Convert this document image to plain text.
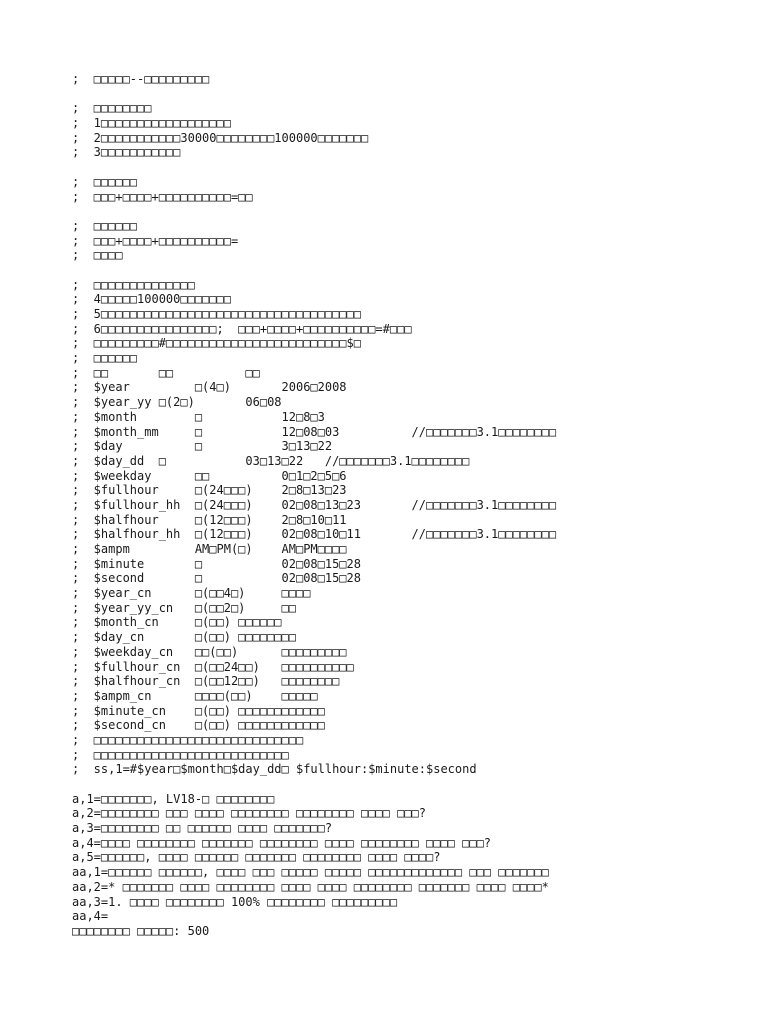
;  □□□□□--□□□□□□□□□
;  □□□□□□□□
;  1□□□□□□□□□□□□□□□□□□
;  2□□□□□□□□□□□30000□□□□□□□□100000□□□□□□□
;  3□□□□□□□□□□□
;  □□□□□□
;  □□□+□□□□+□□□□□□□□□□=□□
;  □□□□□□
;  □□□+□□□□+□□□□□□□□□□=
;  □□□□
;  □□□□□□□□□□□□□□
;  4□□□□□100000□□□□□□□
;  5□□□□□□□□□□□□□□□□□□□□□□□□□□□□□□□□□□□□
;  6□□□□□□□□□□□□□□□□;  □□□+□□□□+□□□□□□□□□□=#□□□
;  □□□□□□□□□#□□□□□□□□□□□□□□□□□□□□□□□□□$□
;  □□□□□□
;  □□       □□          □□
;  $year         □(4□)       2006□2008
;  $year_yy □(2□)       06□08
;  $month        □           12□8□3
;  $month_mm     □           12□08□03          //□□□□□□□3.1□□□□□□□□
;  $day          □           3□13□22
;  $day_dd  □           03□13□22   //□□□□□□□3.1□□□□□□□□
;  $weekday      □□          0□1□2□5□6
;  $fullhour     □(24□□□)    2□8□13□23
;  $fullhour_hh  □(24□□□)    02□08□13□23       //□□□□□□□3.1□□□□□□□□
;  $halfhour     □(12□□□)    2□8□10□11
;  $halfhour_hh  □(12□□□)    02□08□10□11       //□□□□□□□3.1□□□□□□□□
;  $ampm         AM□PM(□)    AM□PM□□□□
;  $minute       □           02□08□15□28
;  $second       □           02□08□15□28
;  $year_cn      □(□□4□)     □□□□
;  $year_yy_cn   □(□□2□)     □□
;  $month_cn     □(□□) □□□□□□
;  $day_cn       □(□□) □□□□□□□□
;  $weekday_cn   □□(□□)      □□□□□□□□□
;  $fullhour_cn  □(□□24□□)   □□□□□□□□□□
;  $halfhour_cn  □(□□12□□)   □□□□□□□□
;  $ampm_cn      □□□□(□□)    □□□□□
;  $minute_cn    □(□□) □□□□□□□□□□□□
;  $second_cn    □(□□) □□□□□□□□□□□□
;  □□□□□□□□□□□□□□□□□□□□□□□□□□□□□
;  □□□□□□□□□□□□□□□□□□□□□□□□□□□
;  ss,1=#$year□$month□$day_dd□ $fullhour:$minute:$second
a,1=□□□□□□□, LV18-□ □□□□□□□□
a,2=□□□□□□□□ □□□ □□□□ □□□□□□□□ □□□□□□□□ □□□□ □□□?
a,3=□□□□□□□□ □□ □□□□□□ □□□□ □□□□□□□?
a,4=□□□□ □□□□□□□□ □□□□□□□ □□□□□□□□ □□□□ □□□□□□□□ □□□□ □□□?
a,5=□□□□□□, □□□□ □□□□□□ □□□□□□□ □□□□□□□□ □□□□ □□□□?
aa,1=□□□□□□ □□□□□□, □□□□ □□□ □□□□□ □□□□□ □□□□□□□□□□□□□ □□□ □□□□□□□
aa,2=* □□□□□□□ □□□□ □□□□□□□□ □□□□ □□□□ □□□□□□□□ □□□□□□□ □□□□ □□□□*
aa,3=1. □□□□ □□□□□□□□ 100% □□□□□□□□ □□□□□□□□□
aa,4=
□□□□□□□□ □□□□□: 500
